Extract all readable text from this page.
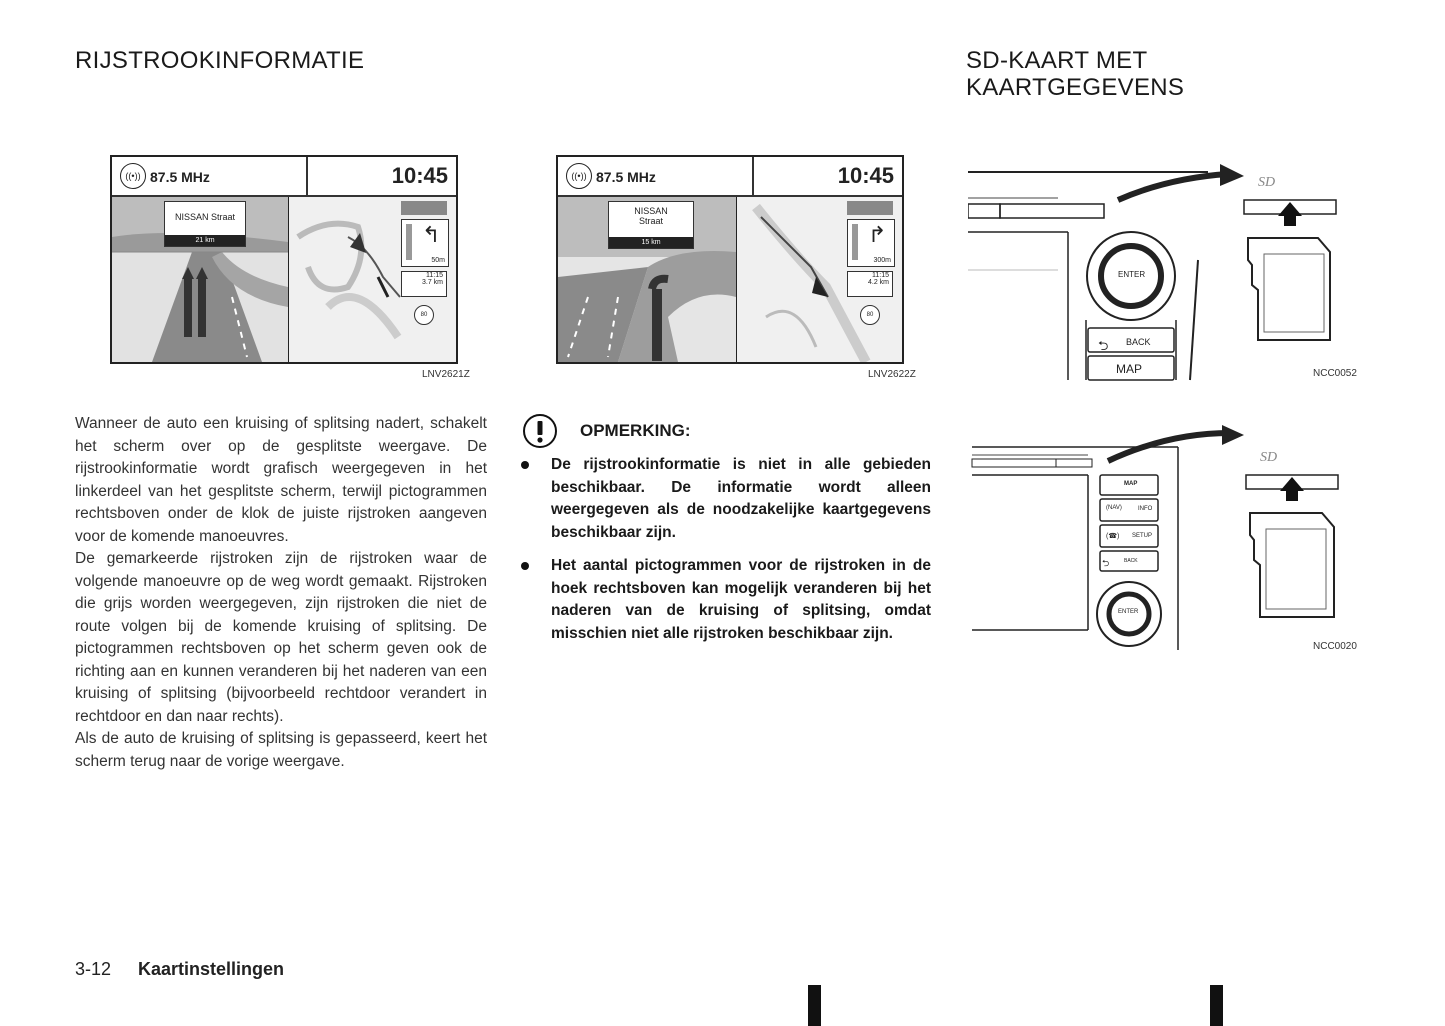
RIJSTROOKINFORMATIE	SD-KAART MET
KAARTGEGEVENS
((•)) 87.5 MHz	10:45
NISSAN Straat
21 km	↰
50m
11:15
3.7 km
80
LNV2621Z
((•)) 87.5 MHz	10:45
NISSAN
Straat
15 km	↱
300m
11:15
4.2 km
80
LNV2622Z
SD
ENTER
⮌ BACK
MAP	NCC0052
SD
MAP
(NAV)	INFO
(☎) SETUP
⮌	BACK
ENTER
NCC0020
Wanneer de auto een kruising of splitsing nadert, schakelt het scherm over op de gesplitste weergave. De rijstrookinformatie wordt grafisch weergegeven in het linkerdeel van het gesplitste scherm, terwijl pictogrammen rechtsboven onder de klok de juiste rijstroken aangeven voor de komende manoeuvres.
De gemarkeerde rijstroken zijn de rijstroken waar de volgende manoeuvre op de weg wordt gemaakt. Rijstroken die grijs worden weergegeven, zijn rijstroken die niet de route volgen bij de komende kruising of splitsing. De pictogrammen rechtsboven op het scherm geven ook de richting aan en kunnen veranderen bij het naderen van een kruising of splitsing (bijvoorbeeld rechtdoor verandert in rechtdoor en dan naar rechts).
Als de auto de kruising of splitsing is gepasseerd, keert het scherm terug naar de vorige weergave.
OPMERKING:
De rijstrookinformatie is niet in alle gebieden beschikbaar. De informatie wordt alleen weergegeven als de noodzakelijke kaartgegevens beschikbaar zijn.
Het aantal pictogrammen voor de rijstroken in de hoek rechtsboven kan mogelijk veranderen bij het naderen van de kruising of splitsing, omdat misschien niet alle rijstroken beschikbaar zijn.
3-12 Kaartinstellingen
